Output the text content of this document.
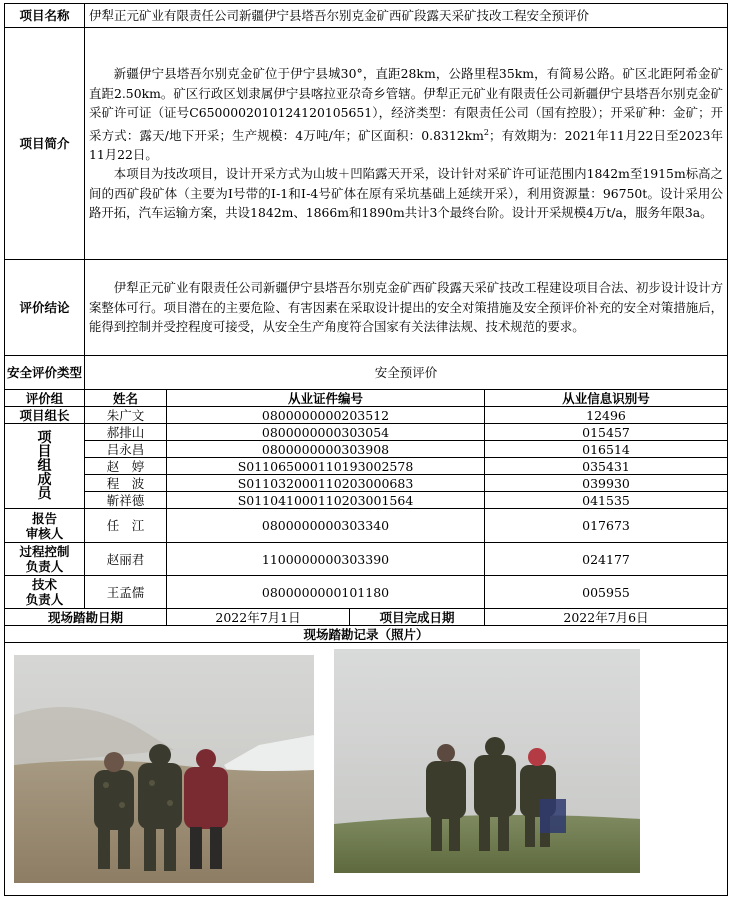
项目名称	伊犁正元矿业有限责任公司新疆伊宁县塔吾尔别克金矿西矿段露天采矿技改工程安全预评价			
项目简介	新疆伊宁县塔吾尔别克金矿位于伊宁县城30°，直距28km，公路里程35km，有简易公路。矿区北距阿希金矿直距2.50km。矿区行政区划隶属伊宁县喀拉亚尕奇乡管辖。伊犁正元矿业有限责任公司新疆伊宁县塔吾尔别克金矿采矿许可证（证号C6500002010124120105651），经济类型：有限责任公司（国有控股）；开采矿种：金矿；开采方式：露天/地下开采；生产规模：4万吨/年；矿区面积：$0.8312km^2$；有效期为：2021年11月22日至2023年11月22日。

本项目为技改项目，设计开采方式为山坡＋凹陷露天开采，设计针对采矿许可证范围内1842m至1915m标高之间的西矿段矿体（主要为Ⅰ号带的Ⅰ-1和Ⅰ-4号矿体在原有采坑基础上延续开采），利用资源量：96750t。设计采用公路开拓，汽车运输方案，共设1842m、1866m和1890m共计3个最终台阶。设计开采规模4万t/a，服务年限3a。			

评价结论	伊犁正元矿业有限责任公司新疆伊宁县塔吾尔别克金矿西矿段露天采矿技改工程建设项目合法、初步设计设计方案整体可行。项目潜在的主要危险、有害因素在采取设计提出的安全对策措施及安全预评价补充的安全对策措施后，能得到控制并受控程度可接受，从安全生产角度符合国家有关法律法规、技术规范的要求。			

安全评价类型	安全预评价			
评价组	姓名	从业证件编号		从业信息识别号
项目组长	朱广文	0800000000203512		12496

项
目
组
成
员	郝排山	0800000000303054		015457
	吕永昌	0800000000303908		016514
	赵　婷	S011065000110193002578		035431
	程　波	S011032000110203000683		039930
	靳祥德	S011041000110203001564		041535
报告
审核人	任　江	0800000000303340		017673
过程控制
负责人	赵丽君	1100000000303390		024177
技术
负责人	王孟儒	0800000000101180		005955
现场踏勘日期		2022年7月1日	项目完成日期	2022年7月6日
现场踏勘记录（照片）				
